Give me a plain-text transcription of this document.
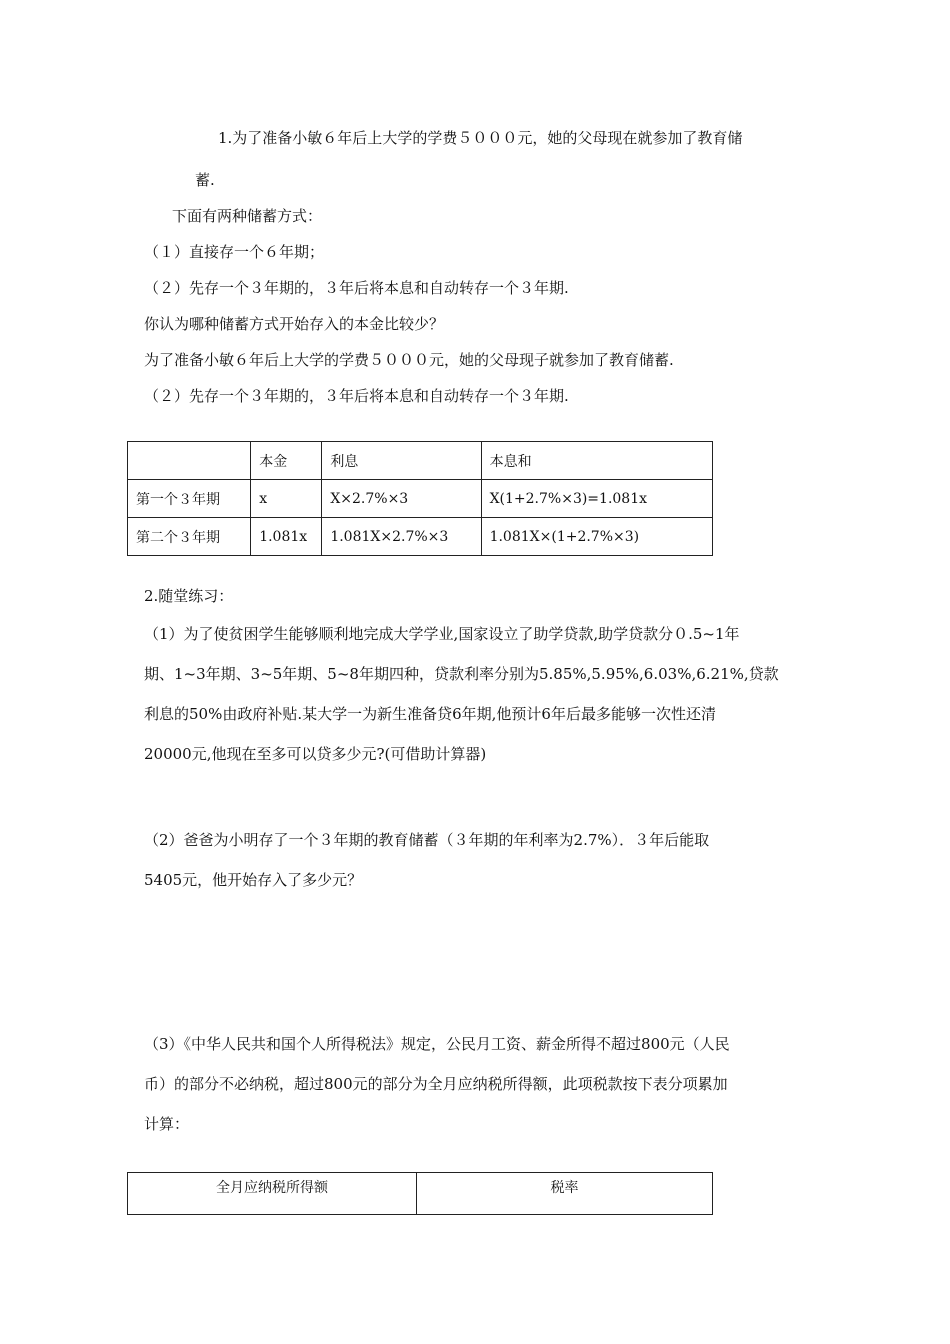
1.为了准备小敏６年后上大学的学费５０００元，她的父母现在就参加了教育储
蓄.
下面有两种储蓄方式：
（１）直接存一个６年期；
（２）先存一个３年期的，３年后将本息和自动转存一个３年期.
你认为哪种储蓄方式开始存入的本金比较少？
为了准备小敏６年后上大学的学费５０００元，她的父母现子就参加了教育储蓄.
（２）先存一个３年期的，３年后将本息和自动转存一个３年期.
	本金	利息	本息和
第一个３年期	x	X×2.7%×3	X(1+2.7%×3)=1.081x
第二个３年期	1.081x	1.081X×2.7%×3	1.081X×(1+2.7%×3)
2.随堂练习：
（1）为了使贫困学生能够顺利地完成大学学业,国家设立了助学贷款,助学贷款分０.5~1年
期、1~3年期、3~5年期、5~8年期四种，贷款利率分别为5.85%,5.95%,6.03%,6.21%,贷款
利息的50%由政府补贴.某大学一为新生准备贷6年期,他预计6年后最多能够一次性还清
20000元,他现在至多可以贷多少元?(可借助计算器)
（2）爸爸为小明存了一个３年期的教育储蓄（３年期的年利率为2.7%）．３年后能取
5405元，他开始存入了多少元？
（3）《中华人民共和国个人所得税法》规定，公民月工资、薪金所得不超过800元（人民
币）的部分不必纳税，超过800元的部分为全月应纳税所得额，此项税款按下表分项累加
计算：
全月应纳税所得额	税率
